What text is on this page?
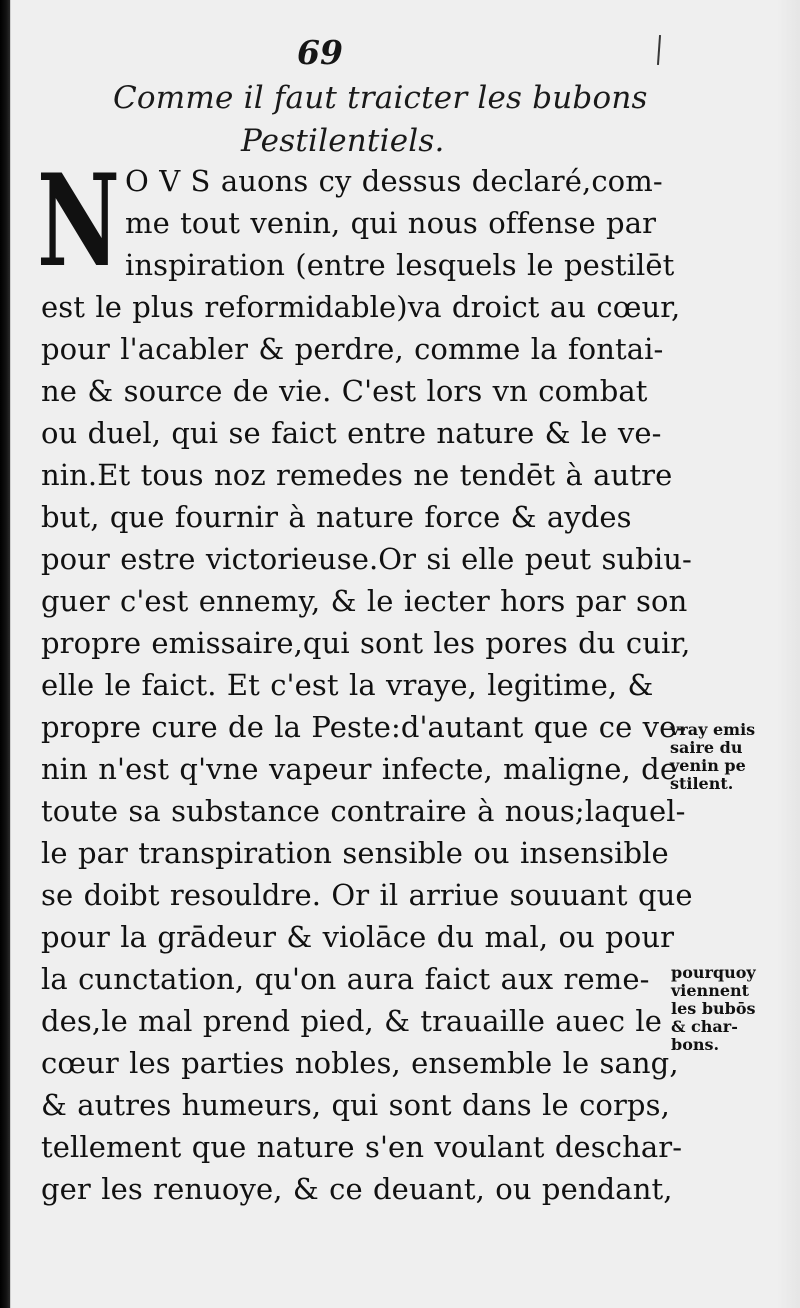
69
Comme il faut traicter les bubons
Pestilentiels.
N O V S auons cy dessus declaré,com-
me tout venin, qui nous offense par
inspiration (entre lesquels le pestilēt
est le plus reformidable)va droict au cœur,
pour l'acabler & perdre, comme la fontai-
ne & source de vie. C'est lors vn combat
ou duel, qui se faict entre nature & le ve-
nin.Et tous noz remedes ne tendēt à autre
but, que fournir à nature force & aydes
pour estre victorieuse.Or si elle peut subiu-
guer c'est ennemy, & le iecter hors par son
propre emissaire,qui sont les pores du cuir,
elle le faict. Et c'est la vraye, legitime, &
propre cure de la Peste:d'autant que ce ve-
nin n'est q'vne vapeur infecte, maligne, de
toute sa substance contraire à nous;laquel-
le par transpiration sensible ou insensible
se doibt resouldre. Or il arriue souuant que
pour la grādeur & violāce du mal, ou pour
la cunctation, qu'on aura faict aux reme-
des,le mal prend pied, & trauaille auec le
cœur les parties nobles, ensemble le sang,
& autres humeurs, qui sont dans le corps,
tellement que nature s'en voulant deschar-
ger les renuoye, & ce deuant, ou pendant,
vray emis
saire du
venin pe
stilent.
pourquoy
viennent
les bubōs
& char-
bons.
